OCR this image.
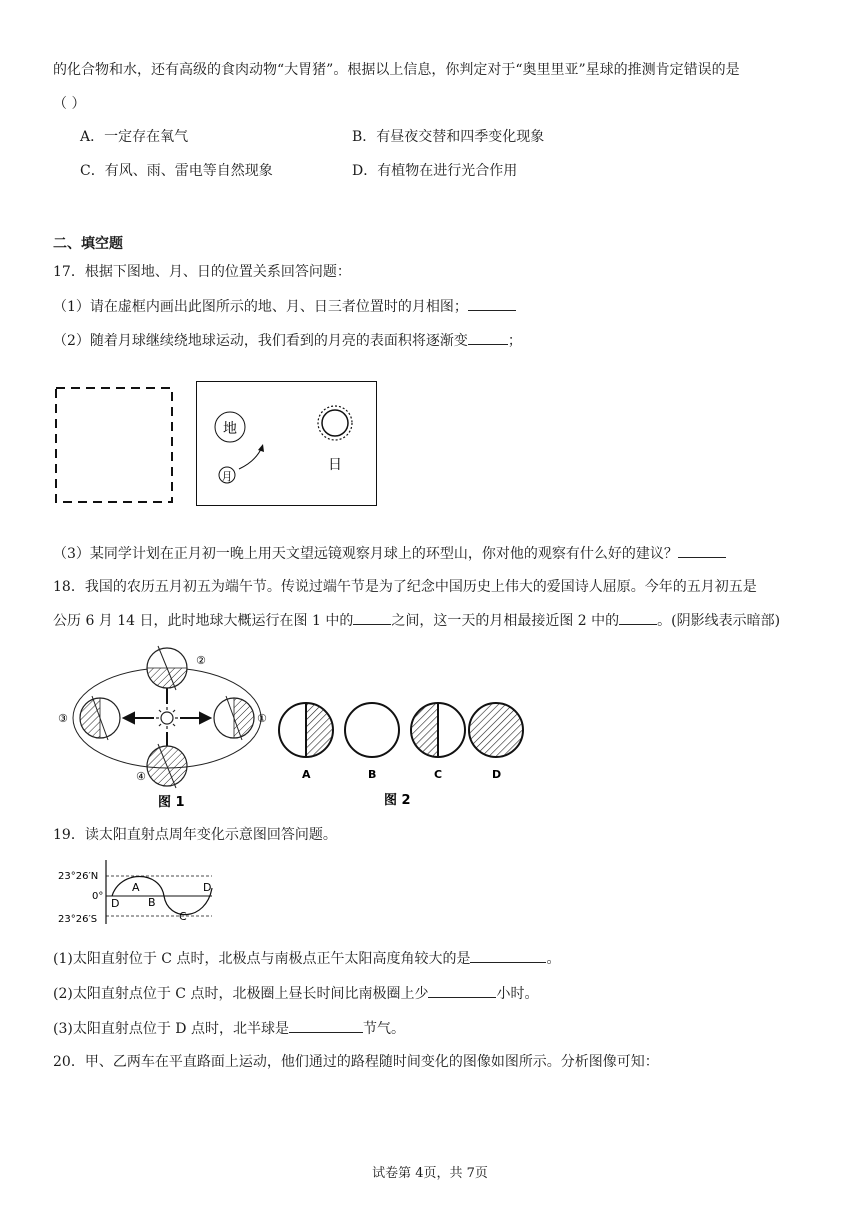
的化合物和水，还有高级的食肉动物“大胃猪”。根据以上信息，你判定对于“奥里里亚”星球的推测肯定错误的是
（ ）
A．一定存在氧气	B．有昼夜交替和四季变化现象
C．有风、雨、雷电等自然现象	D．有植物在进行光合作用
二、填空题
17．根据下图地、月、日的位置关系回答问题：
（1）请在虚框内画出此图所示的地、月、日三者位置时的月相图；
（2）随着月球继续绕地球运动，我们看到的月亮的表面积将逐渐变	；
地
月
日
（3）某同学计划在正月初一晚上用天文望远镜观察月球上的环型山，你对他的观察有什么好的建议？
18．我国的农历五月初五为端午节。传说过端午节是为了纪念中国历史上伟大的爱国诗人屈原。今年的五月初五是
公历 6 月 14 日，此时地球大概运行在图 1 中的	之间，这一天的月相最接近图 2 中的	。(阴影线表示暗部)
②
③	①
④
图 1
A	B	C	D
图 2
19．读太阳直射点周年变化示意图回答问题。
23°26′N
0°
23°26′S
A
B
C
D
D
(1)太阳直射位于 C 点时，北极点与南极点正午太阳高度角较大的是	。
(2)太阳直射点位于 C 点时，北极圈上昼长时间比南极圈上少	小时。
(3)太阳直射点位于 D 点时，北半球是	节气。
20．甲、乙两车在平直路面上运动，他们通过的路程随时间变化的图像如图所示。分析图像可知：
试卷第 4页，共 7页
